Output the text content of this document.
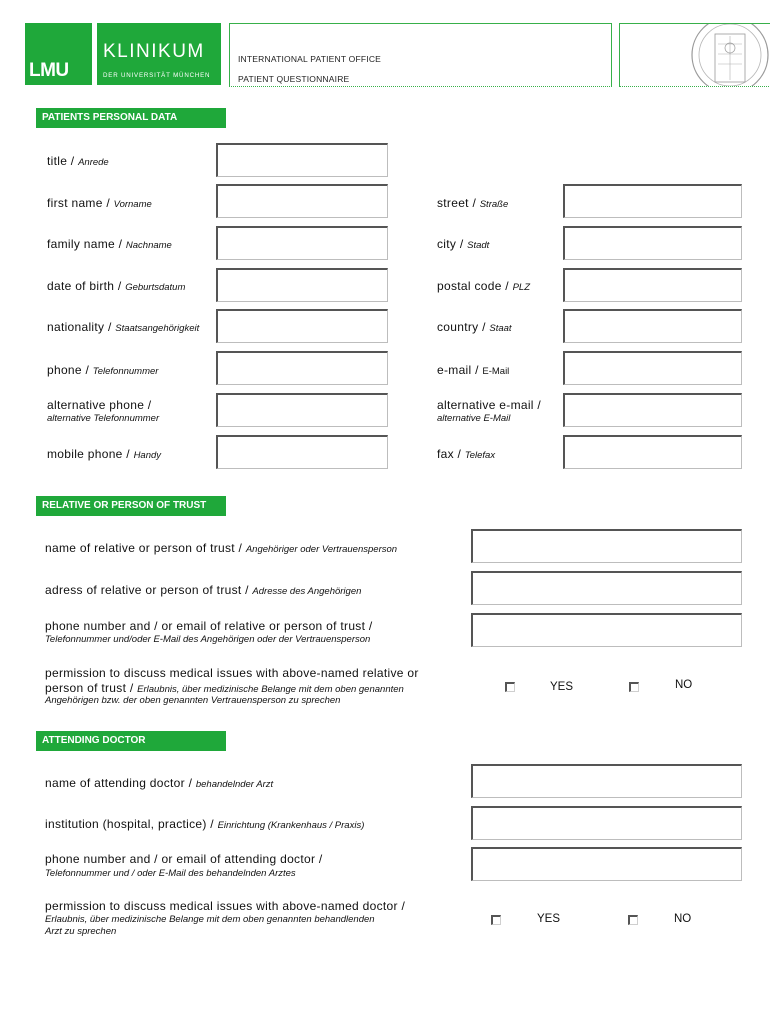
LMU
KLINIKUM
DER UNIVERSITÄT MÜNCHEN
INTERNATIONAL PATIENT OFFICE
PATIENT QUESTIONNAIRE
PATIENTS PERSONAL DATA
title / Anrede
first name / Vorname
family name / Nachname
date of birth / Geburtsdatum
nationality / Staatsangehörigkeit
phone / Telefonnummer
alternative phone /
alternative Telefonnummer
mobile phone / Handy
street / Straße
city / Stadt
postal code / PLZ
country / Staat
e-mail / E-Mail
alternative e-mail /
alternative E-Mail
fax / Telefax
RELATIVE OR PERSON OF TRUST
name of relative or person of trust / Angehöriger oder Vertrauensperson
adress of relative or person of trust / Adresse des Angehörigen
phone number and / or email of relative or person of trust /
Telefonnummer und/oder E-Mail des Angehörigen oder der Vertrauensperson
permission to discuss medical issues with above-named relative or
person of trust / Erlaubnis, über medizinische Belange mit dem oben genannten
Angehörigen bzw. der oben genannten Vertrauensperson zu sprechen
YES	NO
ATTENDING DOCTOR
name of attending doctor / behandelnder Arzt
institution (hospital, practice) / Einrichtung (Krankenhaus / Praxis)
phone number and / or email of attending doctor /
Telefonnummer und / oder E-Mail des behandelnden Arztes
permission to discuss medical issues with above-named doctor /
Erlaubnis, über medizinische Belange mit dem oben genannten behandlenden
Arzt zu sprechen
YES	NO
